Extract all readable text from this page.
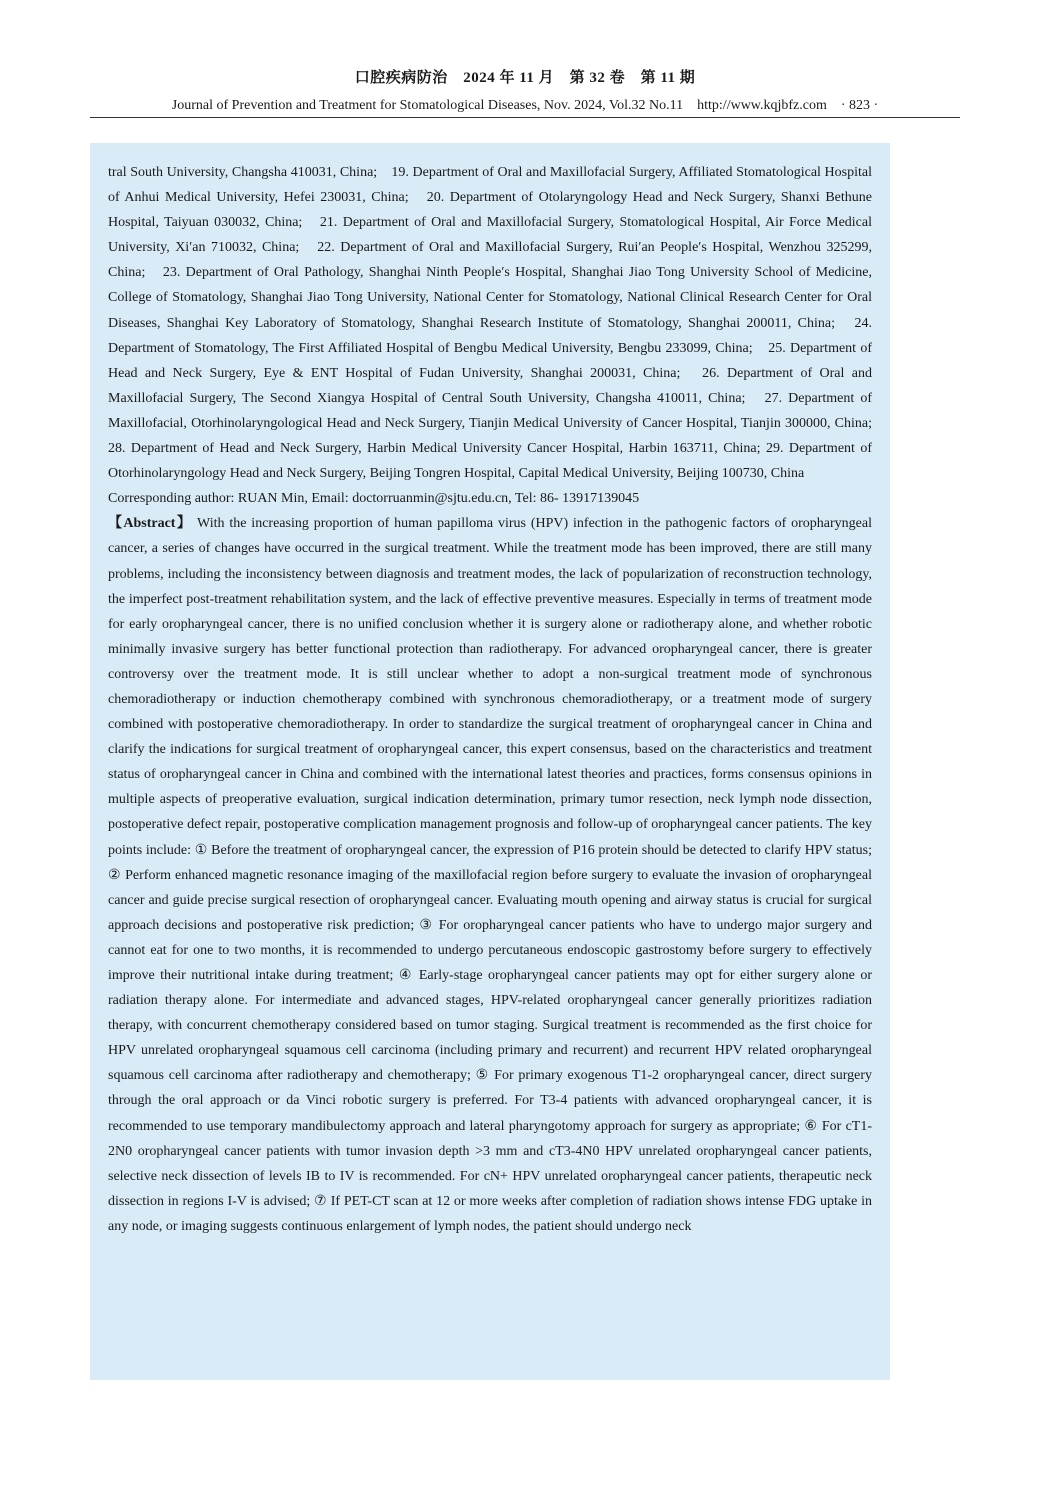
口腔疾病防治　2024 年 11 月　第 32 卷　第 11 期
Journal of Prevention and Treatment for Stomatological Diseases, Nov. 2024, Vol.32 No.11　http://www.kqjbfz.com　· 823 ·

tral South University, Changsha 410031, China;　19. Department of Oral and Maxillofacial Surgery, Affiliated Stomatological Hospital of Anhui Medical University, Hefei 230031, China;　20. Department of Otolaryngology Head and Neck Surgery, Shanxi Bethune Hospital, Taiyuan 030032, China;　21. Department of Oral and Maxillofacial Surgery, Stomatological Hospital, Air Force Medical University, Xi′an 710032, China;　22. Department of Oral and Maxillofacial Surgery, Rui′an People′s Hospital, Wenzhou 325299, China;　23. Department of Oral Pathology, Shanghai Ninth People′s Hospital, Shanghai Jiao Tong University School of Medicine, College of Stomatology, Shanghai Jiao Tong University, National Center for Stomatology, National Clinical Research Center for Oral Diseases, Shanghai Key Laboratory of Stomatology, Shanghai Research Institute of Stomatology, Shanghai 200011, China;　24. Department of Stomatology, The First Affiliated Hospital of Bengbu Medical University, Bengbu 233099, China;　25. Department of Head and Neck Surgery, Eye & ENT Hospital of Fudan University, Shanghai 200031, China;　26. Department of Oral and Maxillofacial Surgery, The Second Xiangya Hospital of Central South University, Changsha 410011, China;　27. Department of Maxillofacial, Otorhinolaryngological Head and Neck Surgery, Tianjin Medical University of Cancer Hospital, Tianjin 300000, China; 28. Department of Head and Neck Surgery, Harbin Medical University Cancer Hospital, Harbin 163711, China; 29. Department of Otorhinolaryngology Head and Neck Surgery, Beijing Tongren Hospital, Capital Medical University, Beijing 100730, China

Corresponding author: RUAN Min, Email: doctorruanmin@sjtu.edu.cn, Tel: 86- 13917139045

【Abstract】 With the increasing proportion of human papilloma virus (HPV) infection in the pathogenic factors of oropharyngeal cancer, a series of changes have occurred in the surgical treatment. While the treatment mode has been improved, there are still many problems, including the inconsistency between diagnosis and treatment modes, the lack of popularization of reconstruction technology, the imperfect post-treatment rehabilitation system, and the lack of effective preventive measures. Especially in terms of treatment mode for early oropharyngeal cancer, there is no unified conclusion whether it is surgery alone or radiotherapy alone, and whether robotic minimally invasive surgery has better functional protection than radiotherapy. For advanced oropharyngeal cancer, there is greater controversy over the treatment mode. It is still unclear whether to adopt a non-surgical treatment mode of synchronous chemoradiotherapy or induction chemotherapy combined with synchronous chemoradiotherapy, or a treatment mode of surgery combined with postoperative chemoradiotherapy. In order to standardize the surgical treatment of oropharyngeal cancer in China and clarify the indications for surgical treatment of oropharyngeal cancer, this expert consensus, based on the characteristics and treatment status of oropharyngeal cancer in China and combined with the international latest theories and practices, forms consensus opinions in multiple aspects of preoperative evaluation, surgical indication determination, primary tumor resection, neck lymph node dissection, postoperative defect repair, postoperative complication management prognosis and follow-up of oropharyngeal cancer patients. The key points include: ① Before the treatment of oropharyngeal cancer, the expression of P16 protein should be detected to clarify HPV status; ② Perform enhanced magnetic resonance imaging of the maxillofacial region before surgery to evaluate the invasion of oropharyngeal cancer and guide precise surgical resection of oropharyngeal cancer. Evaluating mouth opening and airway status is crucial for surgical approach decisions and postoperative risk prediction; ③ For oropharyngeal cancer patients who have to undergo major surgery and cannot eat for one to two months, it is recommended to undergo percutaneous endoscopic gastrostomy before surgery to effectively improve their nutritional intake during treatment; ④ Early-stage oropharyngeal cancer patients may opt for either surgery alone or radiation therapy alone. For intermediate and advanced stages, HPV-related oropharyngeal cancer generally prioritizes radiation therapy, with concurrent chemotherapy considered based on tumor staging. Surgical treatment is recommended as the first choice for HPV unrelated oropharyngeal squamous cell carcinoma (including primary and recurrent) and recurrent HPV related oropharyngeal squamous cell carcinoma after radiotherapy and chemotherapy; ⑤ For primary exogenous T1-2 oropharyngeal cancer, direct surgery through the oral approach or da Vinci robotic surgery is preferred. For T3-4 patients with advanced oropharyngeal cancer, it is recommended to use temporary mandibulectomy approach and lateral pharyngotomy approach for surgery as appropriate; ⑥ For cT1-2N0 oropharyngeal cancer patients with tumor invasion depth >3 mm and cT3-4N0 HPV unrelated oropharyngeal cancer patients, selective neck dissection of levels IB to IV is recommended. For cN+ HPV unrelated oropharyngeal cancer patients, therapeutic neck dissection in regions I-V is advised; ⑦ If PET-CT scan at 12 or more weeks after completion of radiation shows intense FDG uptake in any node, or imaging suggests continuous enlargement of lymph nodes, the patient should undergo neck
